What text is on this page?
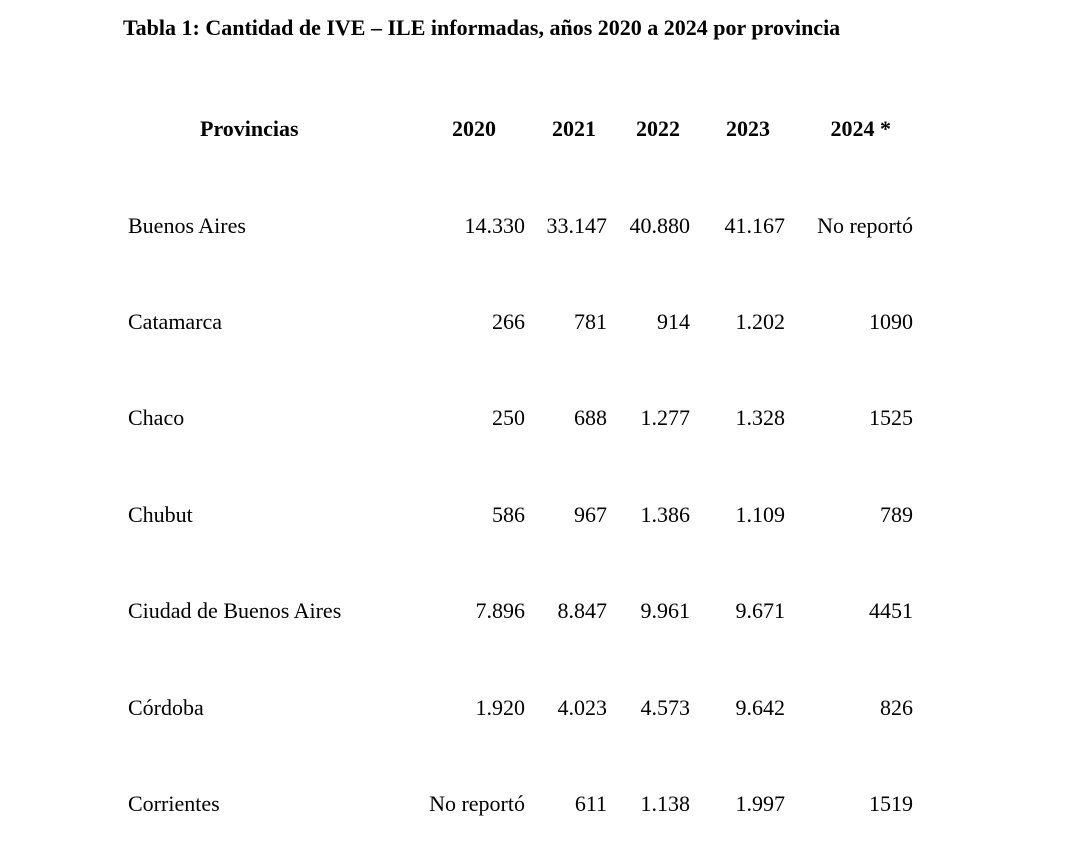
Tabla 1: Cantidad de IVE – ILE informadas, años 2020 a 2024 por provincia
Provincias	2020	2021 2022 2023	2024 *
Buenos Aires	14.330 33.147 40.880 41.167 No reportó
Catamarca	266 781 914 1.202	1090
Chaco	250 688 1.277 1.328	1525
Chubut	586 967 1.386 1.109	789
Ciudad de Buenos Aires	7.896 8.847 9.961 9.671	4451
Córdoba	1.920 4.023 4.573 9.642	826
Corrientes	No reportó 611 1.138 1.997	1519
